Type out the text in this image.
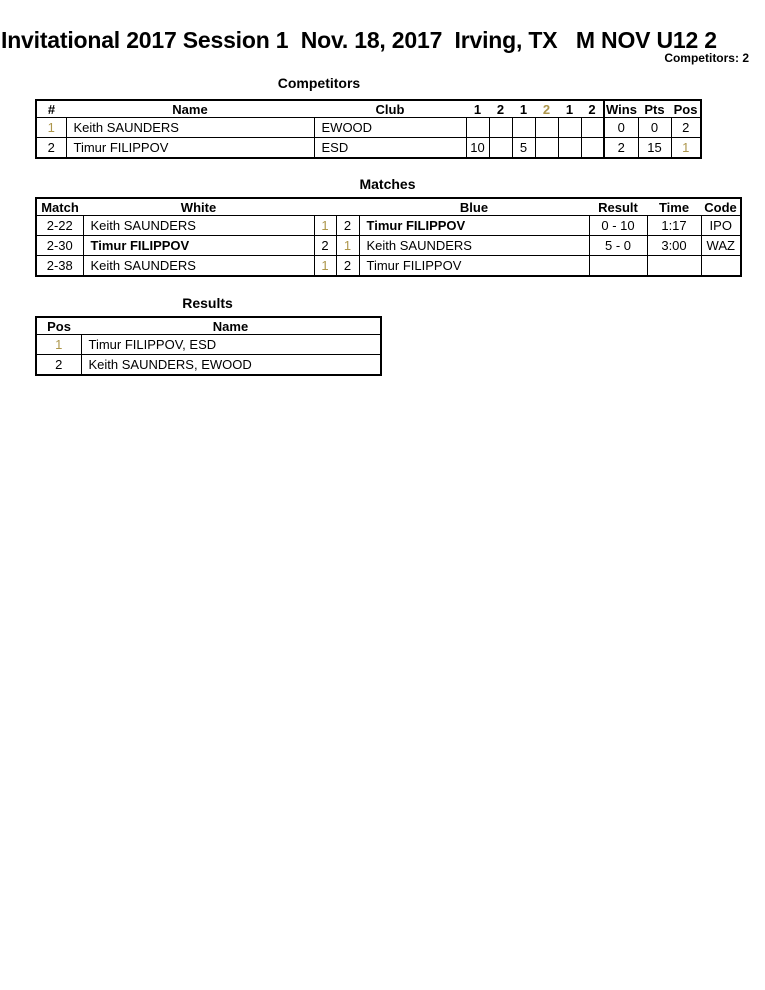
Invitational 2017 Session 1  Nov. 18, 2017  Irving, TX   M NOV U12 2
Competitors: 2
Competitors
#	Name	Club	1	2	1	2	1	2	Wins	Pts	Pos
1	Keith SAUNDERS	EWOOD							0	0	2
2	Timur FILIPPOV	ESD	10		5				2	15	1
Matches
Match	White			Blue	Result	Time	Code
2-22	Keith SAUNDERS	1	2	Timur FILIPPOV	0 - 10	1:17	IPO
2-30	Timur FILIPPOV	2	1	Keith SAUNDERS	5 - 0	3:00	WAZ
2-38	Keith SAUNDERS	1	2	Timur FILIPPOV			
Results
Pos	Name
1	Timur FILIPPOV, ESD
2	Keith SAUNDERS, EWOOD
